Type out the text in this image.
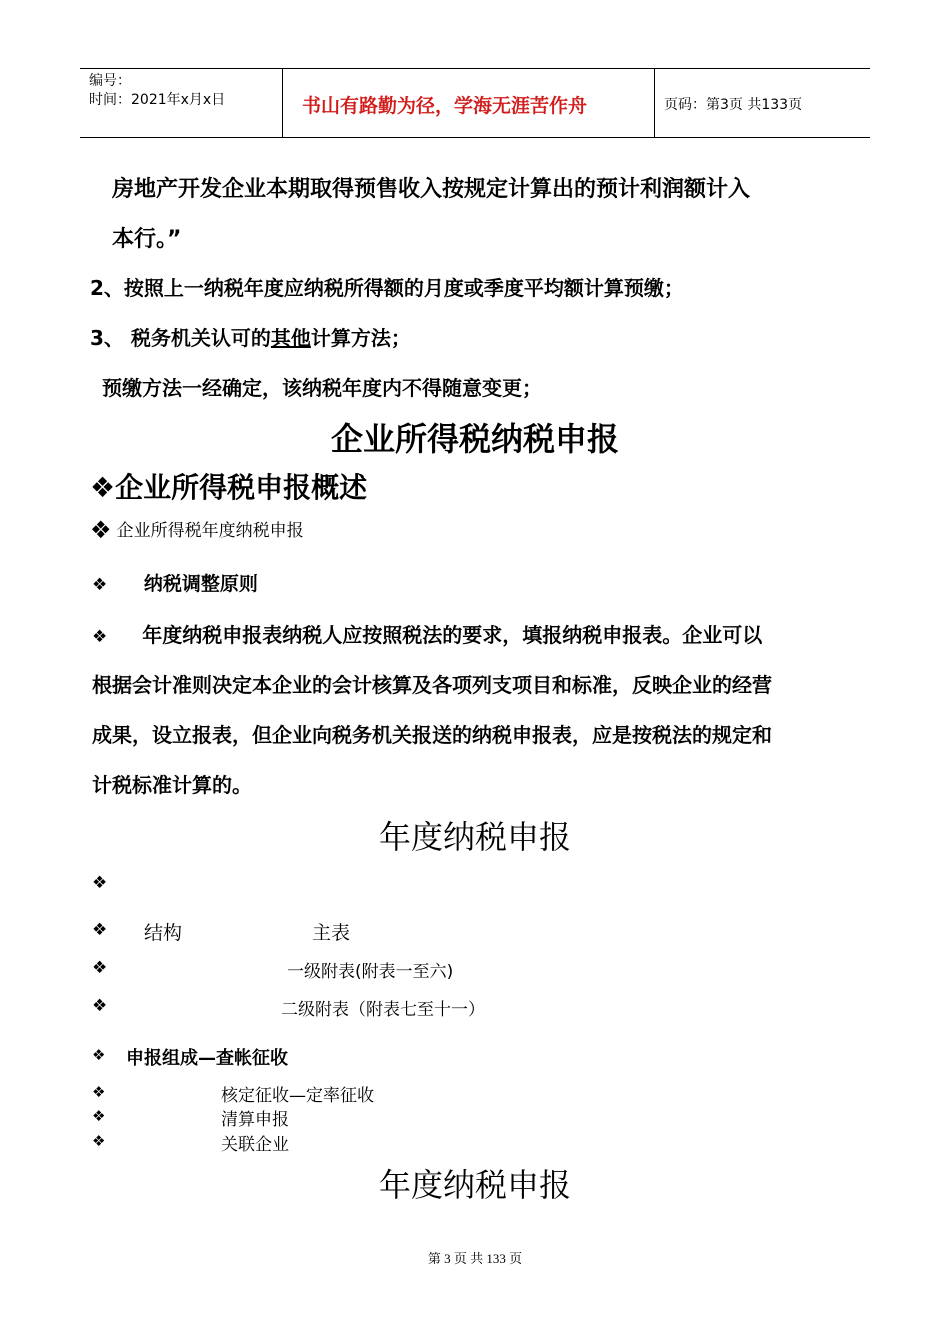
编号：
时间：2021年x月x日	书山有路勤为径，学海无涯苦作舟	页码：第3页 共133页
房地产开发企业本期取得预售收入按规定计算出的预计利润额计入
本行。”
2、按照上一纳税年度应纳税所得额的月度或季度平均额计算预缴；
3、 税务机关认可的其他计算方法；
预缴方法一经确定，该纳税年度内不得随意变更；
企业所得税纳税申报
❖企业所得税申报概述
❖ 企业所得税年度纳税申报
❖ 纳税调整原则
❖ 年度纳税申报表纳税人应按照税法的要求，填报纳税申报表。企业可以
根据会计准则决定本企业的会计核算及各项列支项目和标准，反映企业的经营
成果，设立报表，但企业向税务机关报送的纳税申报表，应是按税法的规定和
计税标准计算的。
年度纳税申报
❖
❖ 结构	主表
❖	一级附表(附表一至六)
❖	二级附表（附表七至十一）
❖ 申报组成—查帐征收
❖	核定征收—定率征收
❖	清算申报
❖	关联企业
年度纳税申报
第 3 页 共 133 页
